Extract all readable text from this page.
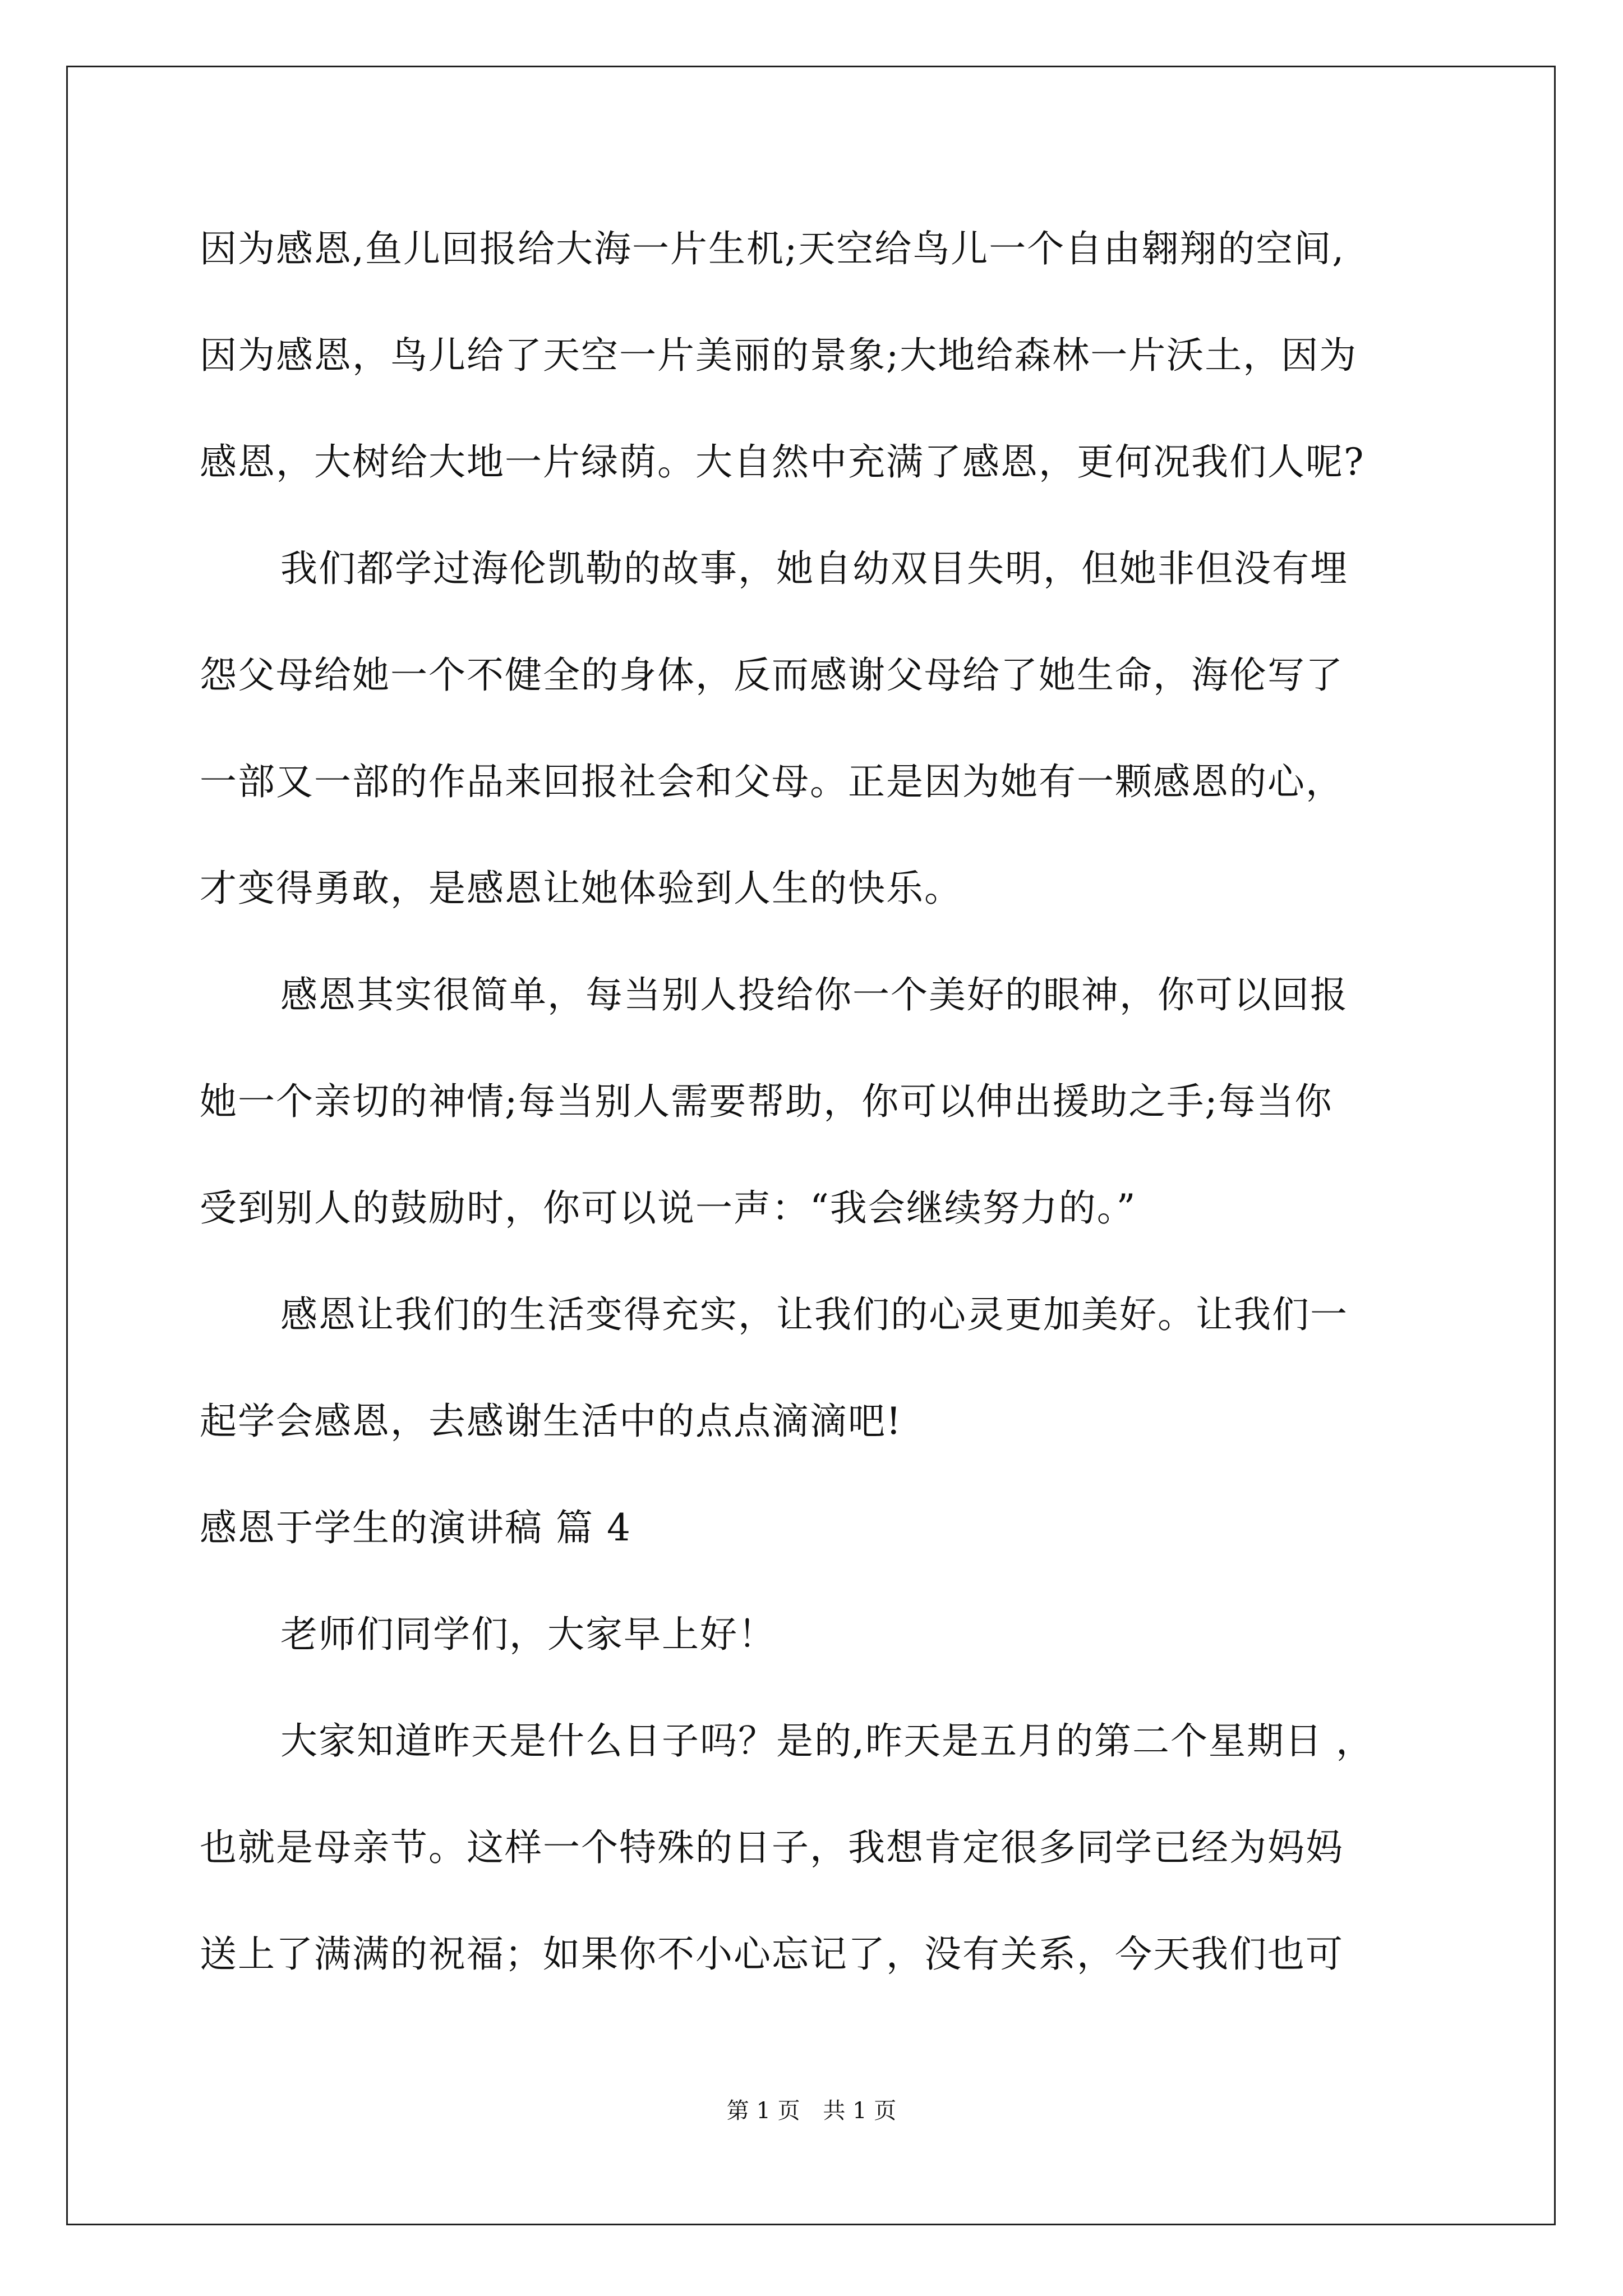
因为感恩,鱼儿回报给大海一片生机;天空给鸟儿一个自由翱翔的空间,
因为感恩，鸟儿给了天空一片美丽的景象;大地给森林一片沃土，因为
感恩，大树给大地一片绿荫。大自然中充满了感恩，更何况我们人呢?
我们都学过海伦凯勒的故事，她自幼双目失明，但她非但没有埋
怨父母给她一个不健全的身体，反而感谢父母给了她生命，海伦写了
一部又一部的作品来回报社会和父母。正是因为她有一颗感恩的心，
才变得勇敢，是感恩让她体验到人生的快乐。
感恩其实很简单，每当别人投给你一个美好的眼神，你可以回报
她一个亲切的神情;每当别人需要帮助，你可以伸出援助之手;每当你
受到别人的鼓励时，你可以说一声：“我会继续努力的。”
感恩让我们的生活变得充实，让我们的心灵更加美好。让我们一
起学会感恩，去感谢生活中的点点滴滴吧!
感恩于学生的演讲稿 篇 4
老师们同学们，大家早上好！
大家知道昨天是什么日子吗？是的,昨天是五月的第二个星期日 ，
也就是母亲节。这样一个特殊的日子，我想肯定很多同学已经为妈妈
送上了满满的祝福；如果你不小心忘记了，没有关系，今天我们也可
第 1 页 共 1 页
